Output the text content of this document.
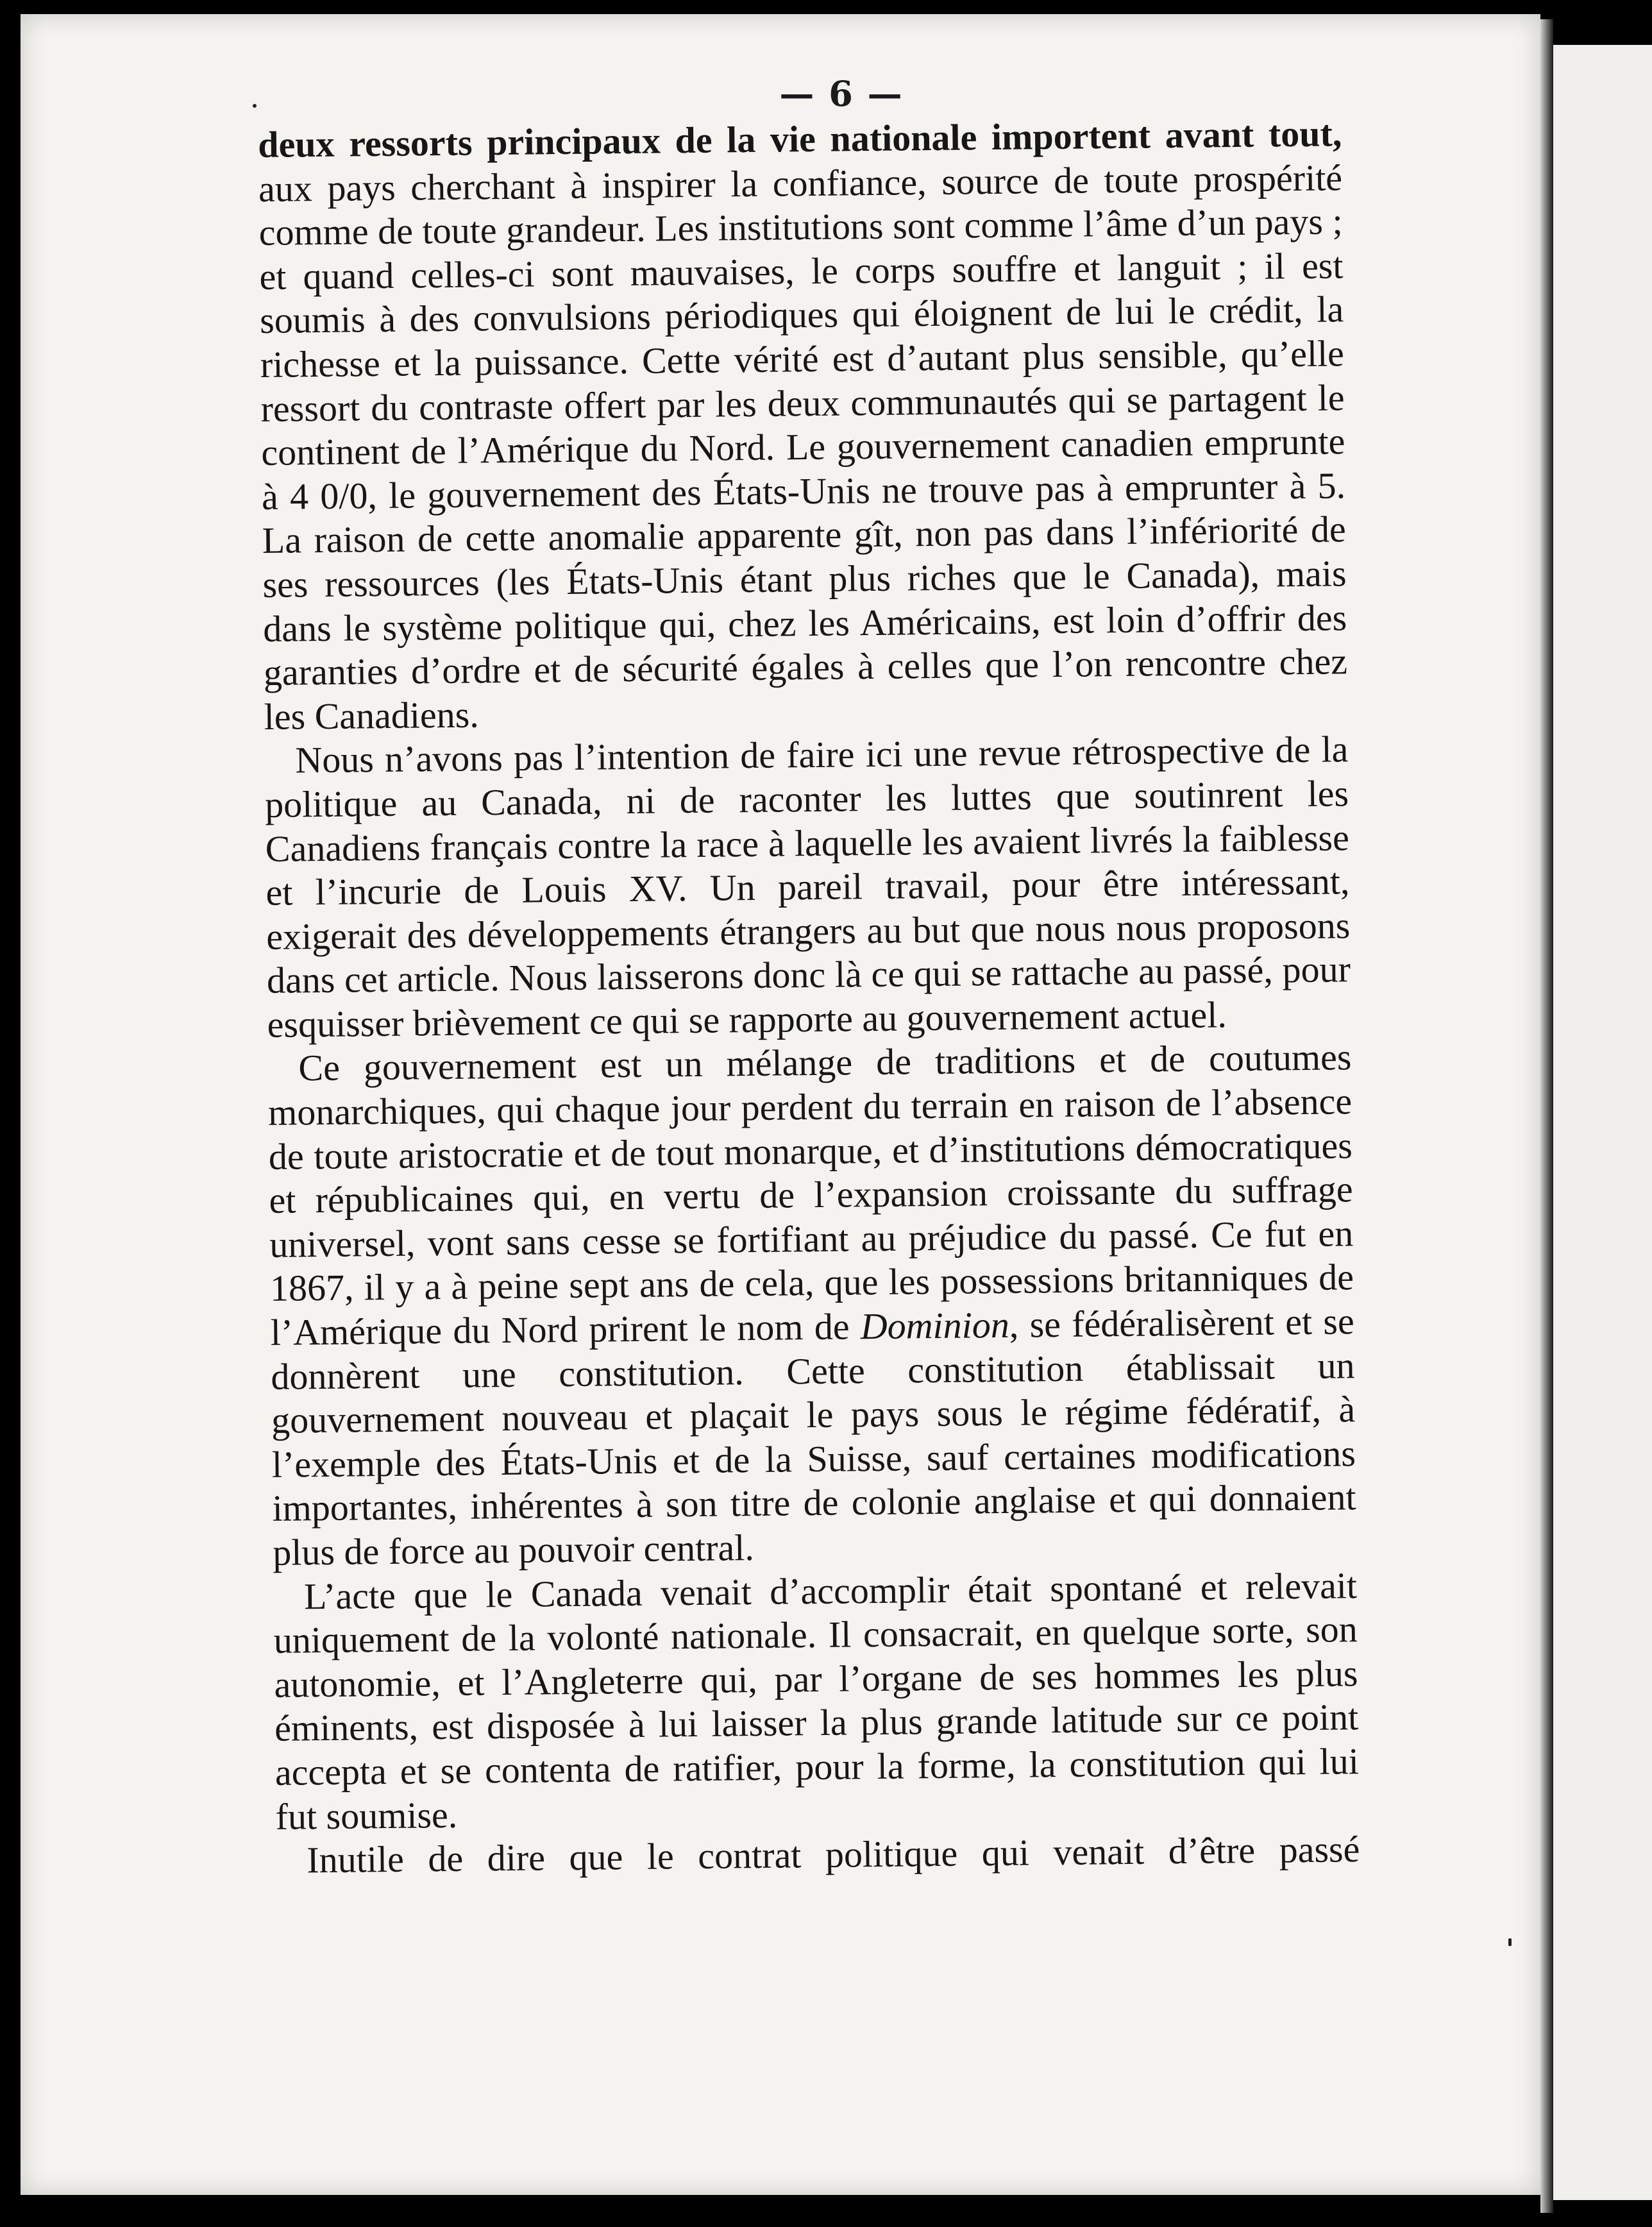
— 6 —

deux ressorts principaux de la vie nationale importent avant tout, aux pays cherchant à inspirer la confiance, source de toute prospérité comme de toute grandeur. Les institutions sont comme l’âme d’un pays ; et quand celles-ci sont mauvaises, le corps souffre et languit ; il est soumis à des convulsions périodiques qui éloignent de lui le crédit, la richesse et la puissance. Cette vérité est d’autant plus sensible, qu’elle ressort du contraste offert par les deux communautés qui se partagent le continent de l’Amérique du Nord. Le gouvernement canadien emprunte à 4 0/0, le gouvernement des États-Unis ne trouve pas à emprunter à 5. La raison de cette anomalie apparente gît, non pas dans l’infériorité de ses ressources (les États-Unis étant plus riches que le Canada), mais dans le système politique qui, chez les Américains, est loin d’offrir des garanties d’ordre et de sécurité égales à celles que l’on rencontre chez les Canadiens.

Nous n’avons pas l’intention de faire ici une revue rétrospective de la politique au Canada, ni de raconter les luttes que soutinrent les Canadiens français contre la race à laquelle les avaient livrés la faiblesse et l’incurie de Louis XV. Un pareil travail, pour être intéressant, exigerait des développements étrangers au but que nous nous proposons dans cet article. Nous laisserons donc là ce qui se rattache au passé, pour esquisser brièvement ce qui se rapporte au gouvernement actuel.

Ce gouvernement est un mélange de traditions et de coutumes monarchiques, qui chaque jour perdent du terrain en raison de l’absence de toute aristocratie et de tout monarque, et d’institutions démocratiques et républicaines qui, en vertu de l’expansion croissante du suffrage universel, vont sans cesse se fortifiant au préjudice du passé. Ce fut en 1867, il y a à peine sept ans de cela, que les possessions britanniques de l’Amérique du Nord prirent le nom de Dominion, se fédéralisèrent et se donnèrent une constitution. Cette constitution établissait un gouvernement nouveau et plaçait le pays sous le régime fédératif, à l’exemple des États-Unis et de la Suisse, sauf certaines modifications importantes, inhérentes à son titre de colonie anglaise et qui donnaient plus de force au pouvoir central.

L’acte que le Canada venait d’accomplir était spontané et relevait uniquement de la volonté nationale. Il consacrait, en quelque sorte, son autonomie, et l’Angleterre qui, par l’organe de ses hommes les plus éminents, est disposée à lui laisser la plus grande latitude sur ce point accepta et se contenta de ratifier, pour la forme, la constitution qui lui fut soumise.

Inutile de dire que le contrat politique qui venait d’être passé
